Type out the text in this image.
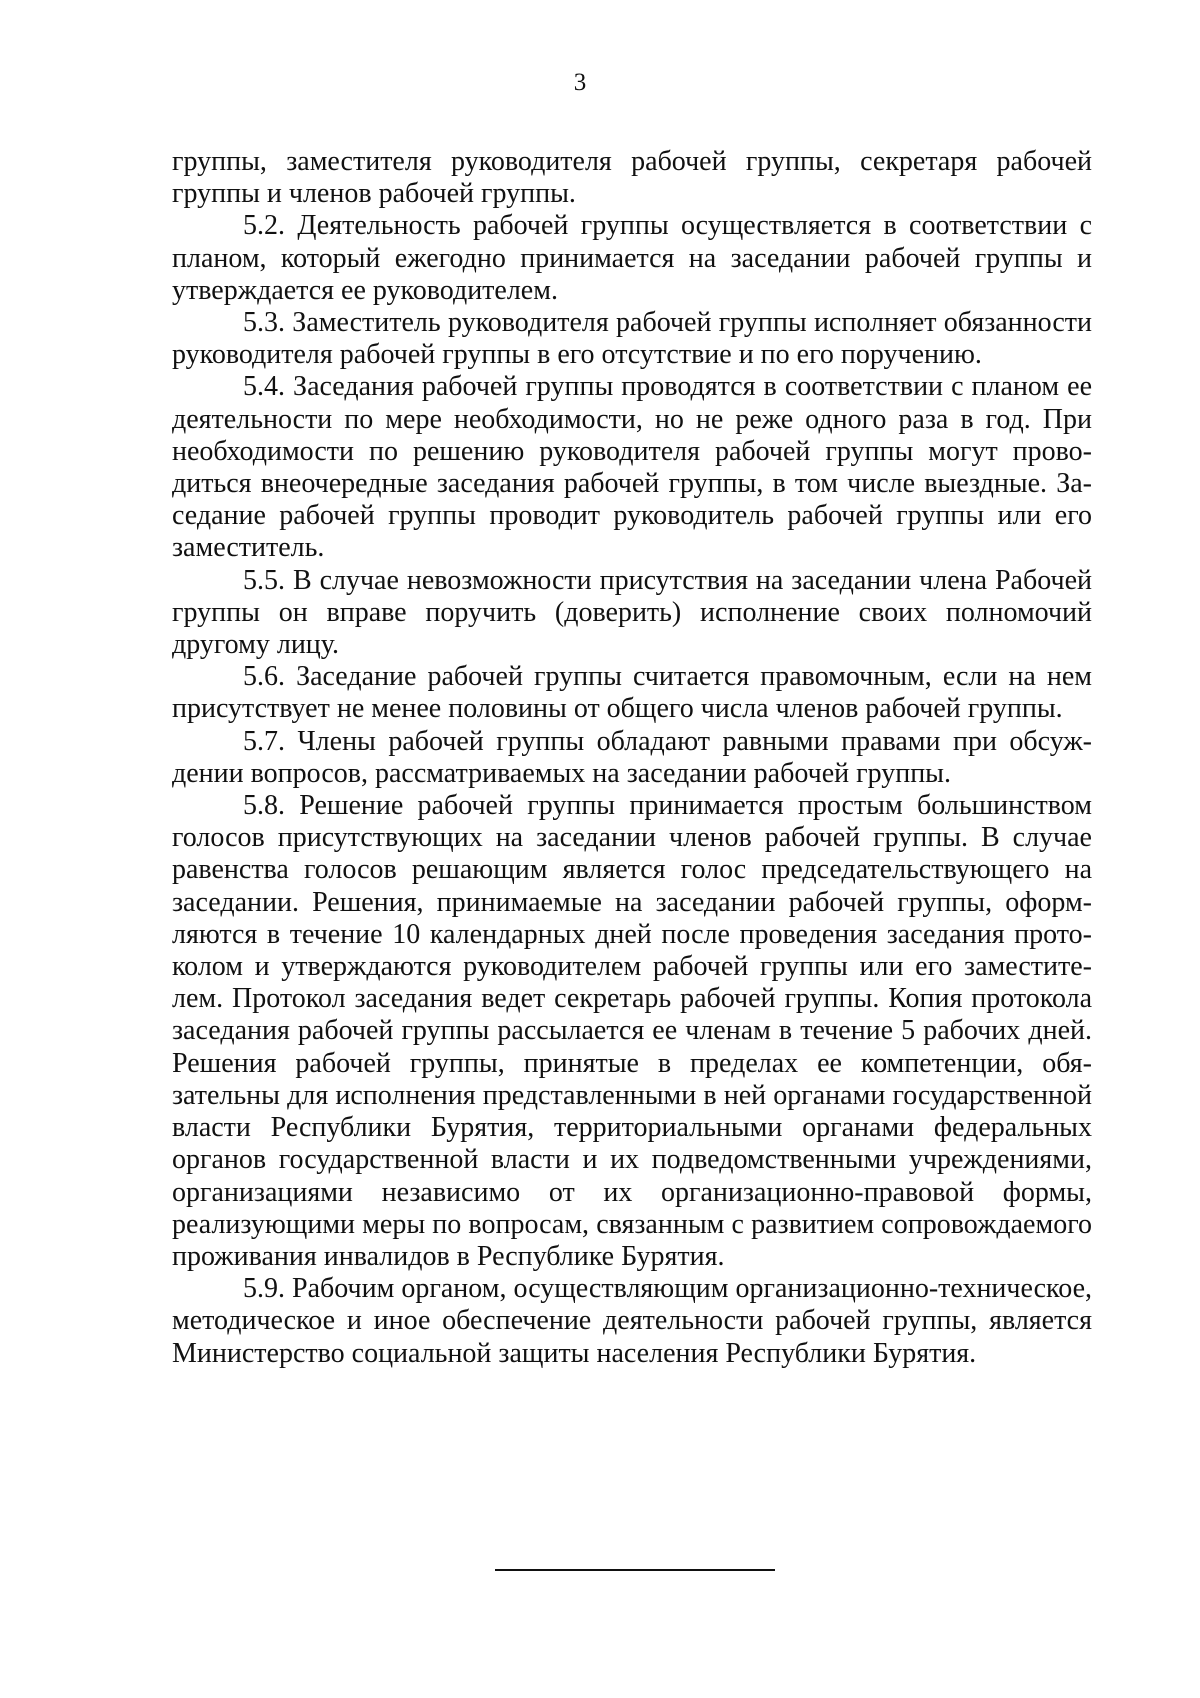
3

группы, заместителя руководителя рабочей группы, секретаря рабочей группы и членов рабочей группы.

5.2. Деятельность рабочей группы осуществляется в соответствии с планом, который ежегодно принимается на заседании рабочей группы и утверждается ее руководителем.

5.3. Заместитель руководителя рабочей группы исполняет обязанности руководителя рабочей группы в его отсутствие и по его поручению.

5.4. Заседания рабочей группы проводятся в соответствии с планом ее деятельности по мере необходимости, но не реже одного раза в год. При необходимости по решению руководителя рабочей группы могут проводиться внеочередные заседания рабочей группы, в том числе выездные. Заседание рабочей группы проводит руководитель рабочей группы или его заместитель.

5.5. В случае невозможности присутствия на заседании члена Рабочей группы он вправе поручить (доверить) исполнение своих полномочий другому лицу.

5.6. Заседание рабочей группы считается правомочным, если на нем присутствует не менее половины от общего числа членов рабочей группы.

5.7. Члены рабочей группы обладают равными правами при обсуждении вопросов, рассматриваемых на заседании рабочей группы.

5.8. Решение рабочей группы принимается простым большинством голосов присутствующих на заседании членов рабочей группы. В случае равенства голосов решающим является голос председательствующего на заседании. Решения, принимаемые на заседании рабочей группы, оформляются в течение 10 календарных дней после проведения заседания протоколом и утверждаются руководителем рабочей группы или его заместителем. Протокол заседания ведет секретарь рабочей группы. Копия протокола заседания рабочей группы рассылается ее членам в течение 5 рабочих дней. Решения рабочей группы, принятые в пределах ее компетенции, обязательны для исполнения представленными в ней органами государственной власти Республики Бурятия, территориальными органами федеральных органов государственной власти и их подведомственными учреждениями, организациями независимо от их организационно-правовой формы, реализующими меры по вопросам, связанным с развитием сопровождаемого проживания инвалидов в Республике Бурятия.

5.9. Рабочим органом, осуществляющим организационно-техническое, методическое и иное обеспечение деятельности рабочей группы, является Министерство социальной защиты населения Республики Бурятия.
